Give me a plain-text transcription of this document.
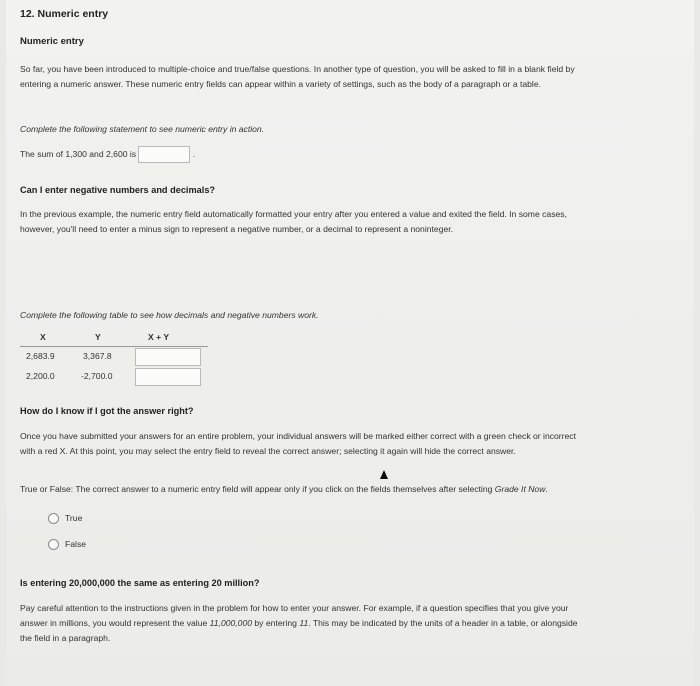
12. Numeric entry
Numeric entry
So far, you have been introduced to multiple-choice and true/false questions. In another type of question, you will be asked to fill in a blank field by
entering a numeric answer. These numeric entry fields can appear within a variety of settings, such as the body of a paragraph or a table.
Complete the following statement to see numeric entry in action.
The sum of 1,300 and 2,600 is	.
Can I enter negative numbers and decimals?
In the previous example, the numeric entry field automatically formatted your entry after you entered a value and exited the field. In some cases,
however, you'll need to enter a minus sign to represent a negative number, or a decimal to represent a noninteger.
Complete the following table to see how decimals and negative numbers work.
X	Y	X + Y
2,683.9	3,367.8
2,200.0	-2,700.0
How do I know if I got the answer right?
Once you have submitted your answers for an entire problem, your individual answers will be marked either correct with a green check or incorrect
with a red X. At this point, you may select the entry field to reveal the correct answer; selecting it again will hide the correct answer.
True or False: The correct answer to a numeric entry field will appear only if you click on the fields themselves after selecting Grade It Now.
True
False
Is entering 20,000,000 the same as entering 20 million?
Pay careful attention to the instructions given in the problem for how to enter your answer. For example, if a question specifies that you give your
answer in millions, you would represent the value 11,000,000 by entering 11. This may be indicated by the units of a header in a table, or alongside
the field in a paragraph.
